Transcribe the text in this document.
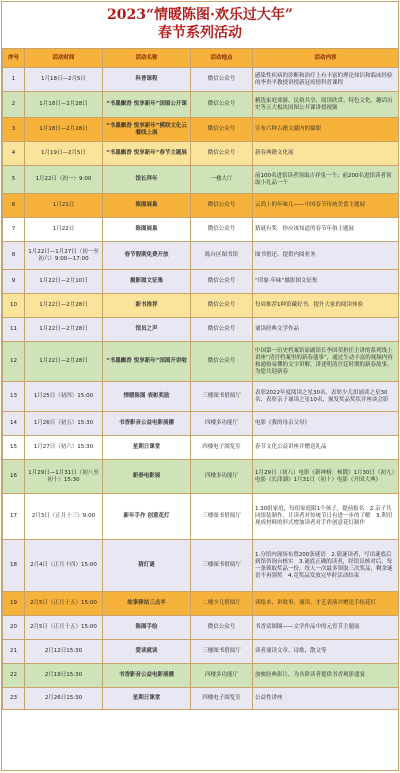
2023“情暖陈图·欢乐过大年”
春节系列活动
序号	活动时间	活动名称	活动地点	活动内容
1	1月18日—2月5日	科普课程	微信公众号	感染性疾病的诊断和治疗上有丰富的理论知识和临床经验的李贵平教授讲授新冠疫情科普课程
2	1月18日—2月28日	“书墨飘香 悦享新年”国图公开课	微信公众号	精选家庭郊游、民俗共享、阅读欣赏、特色文化、趣话历史等五大板块国图公开课讲授视频
3	1月18日—2月28日	“书墨飘香 悦享新年”模联文化云餐线上展	微信公众号	宣布六种古籍文献内的猫眼
4	1月19日—2月5日	“书墨飘香 悦享新年”春节主题展	微信公众号	新春典籍文化展
5	1月22日（初一）9:00	馆长拜年	一楼大厅	前100名进馆读者领取吉祥兔一个；前200名进馆读者领取小礼品一个
6	1月21日	陈图展巢	微信公众号	云尚上的年味儿——中国春节传统美食主题展
7	1月22日	陈图展巢	微信公众号	猜谜有奖　你应该知道的春节年俗主题展
8	1月22日—1月27日（初一至初六）9:00—17:00	春节假期免费开放	陈台区图书馆	图书借还、提供内阅业务
9	1月22日—2月10日	摄影图文征集	微信公众号	“印象·年味”摄影图文征集
10	1月22日—2月28日	新书推荐	微信公众号	每周推荐1种馆藏好书，提升大家的阅读体验
11	1月22日—2月28日	馆员之声	微信公众号	诵读经典文学作品
12	1月22日—2月28日	“书墨飘香 悦享新年”国图开讲啦	微信公众号	中国第一历史档案馆原副馆长李国荣担任主讲的系列线上讲座“清宫档案里的新春盛事”，通过生动丰富的视频内容和通俗易懂的文字讲解，讲述明清宫廷时期的新春故事，为您共迎新春
13	1月25日（初四）15:00	情暖陈图 表彰奖励	三楼图书借阅厅	表彰2022年度阅读之星30名、表彰少儿组诵读之星30名、表彰亲子诵读之星10名、颁发奖品奖状并座谈会影
14	1月26日（初五）15:30	书香影音公益电影展播	四楼多功能厅	电影《我的母亲父母》
15	1月27日（初六）15:30	星期日课堂	四楼电子阅览室	春节文化公益讲座并赠送礼品
16	1月29日—1月31日（初八至初十）15:30	新春电影展	四楼多功能厅	1月29日（初八）电影《新神榜：杨戬》1月30日（初九）电影《长津湖》1月31日（初十）电影《开国大典》
17	2月3日（正月十三）9:00	新年手作 创意花灯	三楼图书借阅厅	1.30组家庭，每组家庭限1个孩子，提前报名　2.亲子共同组装制作，让读者对传统节日有进一步的了解　3.利用现成材料的形式增加读者对手作创意花灯制作
18	2月4日（正月十四）15:00	猜灯谜	三楼图书借阅厅	1.分馆内现场布置200条谜语　2.猜谜读者，写出谜底后到馆咨询台核实　3.谜底正确的读者，经馆员核对后，每一条领取奖品一份，每人一次最多领取三次奖品，剩余谜语不再领奖　4.竞奖品发放完毕时活动结束
19	2月5日（正月十五）15:00	故事驿站三点半	二楼少儿借阅厅	读绘本、讲故事、诵读、才艺表演并赠送手绘花灯
20	2月5日（正月十五）15:00	陈图手绘	微信公众号	书香话图圈——文学作品中的元宵节主题展
21	2月12日15:30	爱读就读	三楼图书借阅厅	读者诵读文章、诗歌、散文等
22	2月19日15:30	书香影音公益电影展播	四楼多功能厅	放映经典影片，为各阶读者提供书香观影盛宴
23	2月26日15:30	星期日课堂	四楼电子阅览室	公益性讲座
